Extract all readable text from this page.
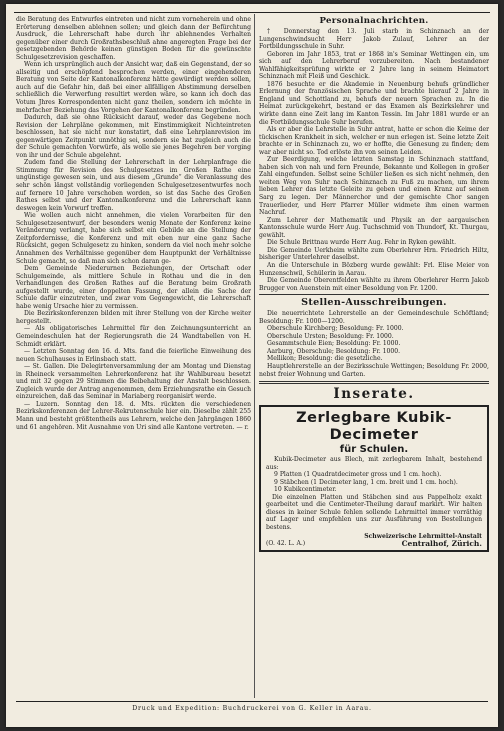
die Beratung des Entwurfes eintreten und nicht zum vorneherein und ohne Erörterung denselben ablehnen sollen; und gleich dann der Befürchtung Ausdruck, die Lehrerschaft habe durch ihr ablehnendes Verhalten gegenüber einer durch Großrathsbeschluß ahne angeregten Frage bei der gesetzgebenden Behörde keinen günstigen Boden für die gewünschte Schulgesetzrevision geschaffen.

Wenn ich ursprünglich auch der Ansicht war, daß ein Gegenstand, der so allseitig und erschöpfend besprochen werden, einer eingehenderen Beratung von Seite der Kantonalkonferenz hätte gewürdigt werden sollen, auch auf die Gefahr hin, daß bei einer allfälligen Abstimmung derselben schließlich die Verwerfung resultirt werden wäre, so kann ich doch das Votum Jhres Korrespondenten nicht ganz theilen, sondern ich möchte in mehrfacher Beziehung das Vorgehen der Kantonalkonferenz begründen.

Dadurch, daß sie ohne Rücksicht darauf, weder das Gegebene noch Revision der Lehrpläne gekommen, mit Einstimmigkeit Nichteintreten beschlossen, hat sie nicht nur konstatirt, daß eine Lehrplanrevision im gegenwärtigen Zeitpunkt unnöthig sei, sondern sie hat zugleich auch die der Schule gemachten Vorwürfe, als wolle sie jenes Begehren ber vorging von ihr und der Schule abgelehnt.

Zudem fand die Stellung der Lehrerschaft in der Lehrplanfrage die Stimmung für Revision des Schulgesetzes im Großen Rathe eine ungünstige gewesen sein, und aus diesem „Grunde“ die Veranlassung des sehr schön längst vollständig vorliegenden Schulgesetzesentwurfes noch auf fernere 10 Jahre verschoben worden, so ist das Sache des Großen Rathes selbst und der Kantonalkonferenz und die Lehrerschaft kann deswegen kein Vorwurf treffen.

Wie wollen auch nicht annehmen, die vielen Vorarbeiten für den Schulgesetzesentwurf, der besonders wenig Monate der Konferenz keine Veränderung verlangt, habe sich selbst ein Gebilde an die Stellung der Zeitpfordernisse, die Konferenz und mit eben nur eine ganz Sache Rücksicht, gegen Schulgesetz zu hinken, sondern da viel noch mehr solche Annahmen des Verhältnisse gegenüber dem Hauptpunkt der Verhältnisse Schule gemacht, so daß man sich schon daran ge-

Dem Gemeinde Niederurnen Beziehungen, der Ortschaft oder Schulgemeinde, als mittlere Schule in Rothau und die in den Verhandlungen des Großen Rathes auf die Beratung beim Großrath aufgestellt wurde, einer doppelten Fassung, der allein die Sache der Schule dafür einzutreten, und zwar vom Gegengewicht, die Lehrerschaft habe wenig Ursache hier zu vermissen.

Die Bezirkskonferenzen bilden mit ihrer Stellung von der Kirche weiter hergestellt.

— Als obligatorisches Lehrmittel für den Zeichnungsunterricht an Gemeindeschulen hat der Regierungsrath die 24 Wandtabellen von H. Schmidt erklärt.

— Letzten Sonntag den 16. d. Mts. fand die feierliche Einweihung des neuen Schulhauses in Erlinsbach statt.

— St. Gallen. Die Delegirtenversammlung der am Montag und Dienstag in Rheineck versammelten Lehrerkonferenz hat ihr Wahlbureau besetzt und mit 32 gegen 29 Stimmen die Beibehaltung der Anstalt beschlossen. Zugleich wurde der Antrag angenommen, dem Erziehungsrathe ein Gesuch einzureichen, daß das Seminar in Mariaberg reorganisirt werde.

— Luzern. Sonntag den 18. d. Mts. rückten die verschiedenen Bezirkskonferenzen der Lehrer-Rekrutenschule hier ein. Dieselbe zählt 255 Mann und besteht größtentheils aus Lehrern, welche den Jahrgängen 1860 und 61 angehören. Mit Ausnahme von Uri sind alle Kantone vertreten. — r.

Personalnachrichten.

† Donnerstag den 13. Juli starb in Schinznach an der Lungenschwindsucht Herr Jakob Zulauf, Lehrer an der Fortbildungsschule in Suhr.

Geboren im Jahr 1853, trat er 1868 in's Seminar Wettingen ein, um sich auf den Lehrerberuf vorzubereiten. Nach bestandener Wahlfähigkeitsprüfung wirkte er 2 Jahre lang in seinem Heimatort Schinznach mit Fleiß und Geschick.

1876 besuchte er die Akademie in Neuenburg behufs gründlicher Erlernung der französischen Sprache und brachte hierauf 2 Jahre in England und Schottland zu, behufs der neuern Sprachen zu. In die Heimat zurückgekehrt, bestand er das Examen als Bezirkslehrer und wirkte dann eine Zeit lang im Kanton Tessin. Im Jahr 1881 wurde er an die Fortbildungsschule Suhr berufen.

Als er aber die Lehrstelle in Suhr antrat, hatte er schon die Keime der tückischen Krankheit in sich, welcher er nun erlegen ist. Seine letzte Zeit brachte er in Schinznach zu, wo er hoffte, die Genesung zu finden; dem war aber nicht so. Tod erlöste ihn von seinen Leiden.

Zur Beerdigung, welche letzten Samstag in Schinznach stattfand, haben sich von nah und fern Freunde, Bekannte und Kollegen in großer Zahl eingefunden. Selbst seine Schüler ließen es sich nicht nehmen, den weiten Weg von Suhr nach Schinznach zu Fuß zu machen, um ihrem lieben Lehrer das letzte Geleite zu geben und einen Kranz auf seinen Sarg zu legen. Der Männerchor und der gemischte Chor sangen Trauerlieder, und Herr Pfarrer Müller widmete ihm einen warmen Nachruf.

Zum Lehrer der Mathematik und Physik an der aargauischen Kantonsschule wurde Herr Aug. Tuchschmid von Thundorf, Kt. Thurgau, gewählt.

Die Schule Brittnau wurde Herr Aug. Fehr in Ryken gewählt.

Die Gemeinde Uerkheim wählte zum Oberlehrer Hrn. Friedrich Hiltz, bisheriger Unterlehrer daselbst.

An die Unterschule in Bözberg wurde gewählt: Frl. Elise Meier von Hunzenschwil, Schülerin in Aarau.

Die Gemeinde Oberentfelden wählte zu ihrem Oberlehrer Herrn Jakob Brugger von Auenstein mit einer Besoldung von Fr. 1200.

Stellen-Ausschreibungen.

Die neuerrichtete Lehrerstelle an der Gemeindeschule Schöftland; Besoldung: Fr. 1000—1200.

Oberschule Kirchberg; Besoldung: Fr. 1000.

Oberschule Ursten; Besoldung: Fr. 1000.

Gesammtschule Eien; Besoldung: Fr. 1000.

Aarburg, Oberschule; Besoldung: Fr. 1000.

Mellikon; Besoldung: die gesetzliche.

Hauptlehrerstelle an der Bezirksschule Wettingen; Besoldung Fr. 2000, nebst freier Wohnung und Garten.

Inserate.
Zerlegbare Kubik-Decimeter
für Schulen.

Kubik-Decimeter aus Blech, mit zerlegbarem Inhalt, bestehend aus:

9 Platten (1 Quadratdecimeter gross und 1 cm. hoch).

9 Stäbchen (1 Decimeter lang, 1 cm. breit und 1 cm. hoch).

10 Kubikcentimeter.

Die einzelnen Platten und Stäbchen sind aus Pappelholz exakt gearbeitet und die Centimeter-Theilung darauf markirt. Wir halten dieses in keiner Schule fehlen sollende Lehrmittel immer vorräthig auf Lager und empfehlen uns zur Ausführung von Bestellungen bestens.

(O. 42. L. A.)
Schweizerische Lehrmittel-Anstalt
Centralhof, Zürich.
Druck und Expedition: Buchdruckerei von G. Keller in Aarau.
